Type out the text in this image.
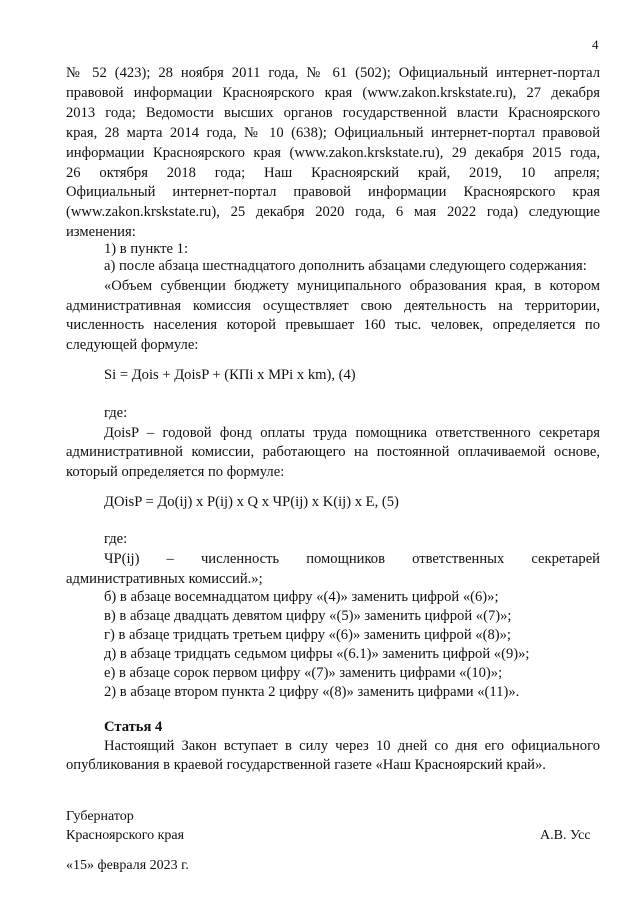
4
№ 52 (423); 28 ноября 2011 года, № 61 (502); Официальный интернет-портал
правовой информации Красноярского края (www.zakon.krskstate.ru), 27 декабря
2013 года; Ведомости высших органов государственной власти Красноярского
края, 28 марта 2014 года, № 10 (638); Официальный интернет-портал правовой
информации Красноярского края (www.zakon.krskstate.ru), 29 декабря 2015 года,
26 октября 2018 года; Наш Красноярский край, 2019, 10 апреля;
Официальный интернет-портал правовой информации Красноярского края
(www.zakon.krskstate.ru), 25 декабря 2020 года, 6 мая 2022 года) следующие
изменения:
1) в пункте 1:
а) после абзаца шестнадцатого дополнить абзацами следующего содержания:
«Объем субвенции бюджету муниципального образования края, в котором
административная комиссия осуществляет свою деятельность на территории,
численность населения которой превышает 160 тыс. человек, определяется по
следующей формуле:
Si = Дois + ДoisP + (КПi x МPi x km), (4)
где:
ДoisP – годовой фонд оплаты труда помощника ответственного секретаря
административной комиссии, работающего на постоянной оплачиваемой основе,
который определяется по формуле:
ДOisP = Дo(ij) x P(ij) x Q x ЧP(ij) x K(ij) x E, (5)
где:
ЧP(ij) – численность помощников ответственных секретарей
административных комиссий.»;
б) в абзаце восемнадцатом цифру «(4)» заменить цифрой «(6)»;
в) в абзаце двадцать девятом цифру «(5)» заменить цифрой «(7)»;
г) в абзаце тридцать третьем цифру «(6)» заменить цифрой «(8)»;
д) в абзаце тридцать седьмом цифры «(6.1)» заменить цифрой «(9)»;
е) в абзаце сорок первом цифру «(7)» заменить цифрами «(10)»;
2) в абзаце втором пункта 2 цифру «(8)» заменить цифрами «(11)».
Статья 4
Настоящий Закон вступает в силу через 10 дней со дня его официального
опубликования в краевой государственной газете «Наш Красноярский край».
Губернатор
Красноярского края	А.В. Усс
«15» февраля 2023 г.
